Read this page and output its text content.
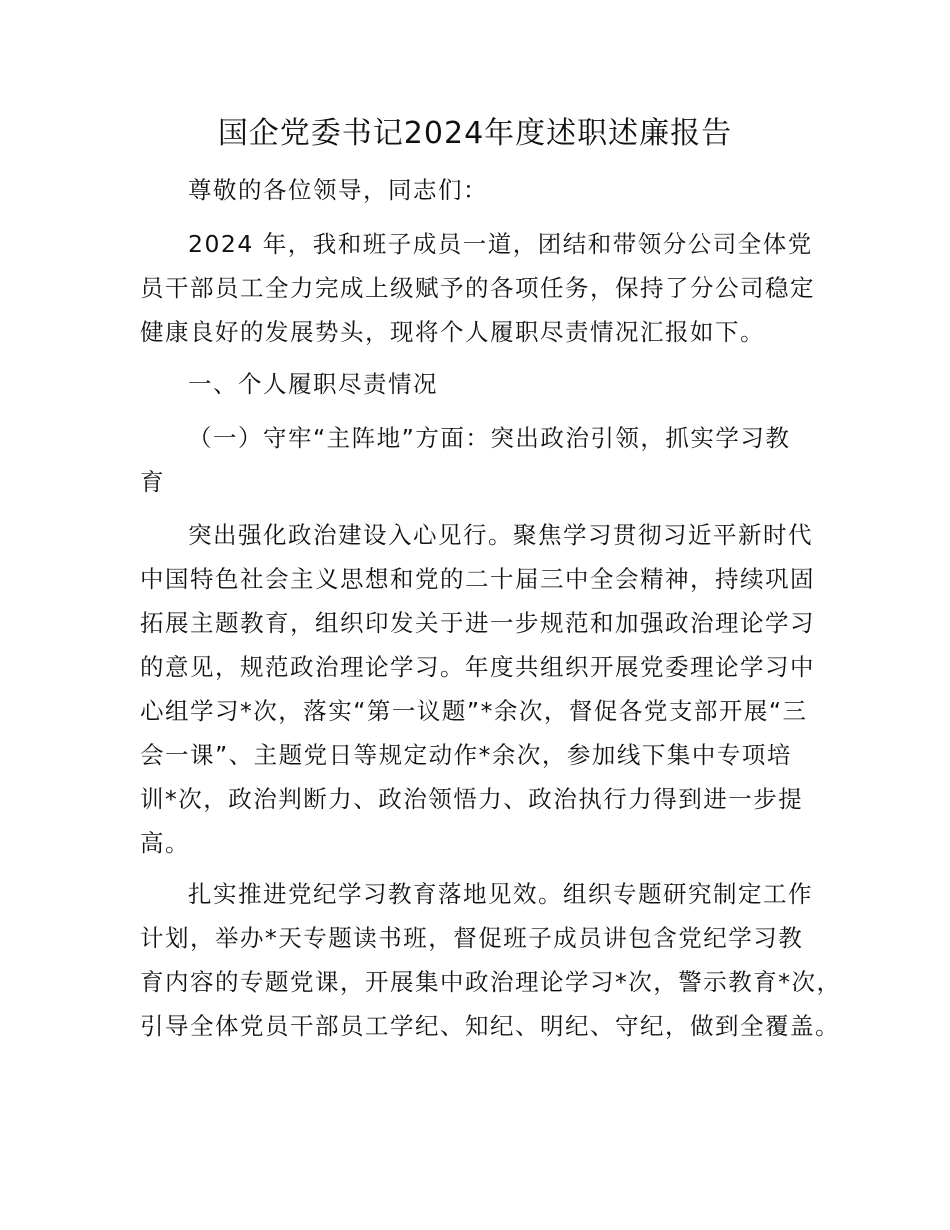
国企党委书记2024年度述职述廉报告
尊敬的各位领导，同志们：
2024 年，我和班子成员一道，团结和带领分公司全体党
员干部员工全力完成上级赋予的各项任务，保持了分公司稳定
健康良好的发展势头，现将个人履职尽责情况汇报如下。
一、个人履职尽责情况
（一）守牢“主阵地”方面：突出政治引领，抓实学习教
育
突出强化政治建设入心见行。聚焦学习贯彻习近平新时代
中国特色社会主义思想和党的二十届三中全会精神，持续巩固
拓展主题教育，组织印发关于进一步规范和加强政治理论学习
的意见，规范政治理论学习。年度共组织开展党委理论学习中
心组学习*次，落实“第一议题”*余次，督促各党支部开展“三
会一课”、主题党日等规定动作*余次，参加线下集中专项培
训*次，政治判断力、政治领悟力、政治执行力得到进一步提
高。
扎实推进党纪学习教育落地见效。组织专题研究制定工作
计划，举办*天专题读书班，督促班子成员讲包含党纪学习教
育内容的专题党课，开展集中政治理论学习*次，警示教育*次，
引导全体党员干部员工学纪、知纪、明纪、守纪，做到全覆盖。
